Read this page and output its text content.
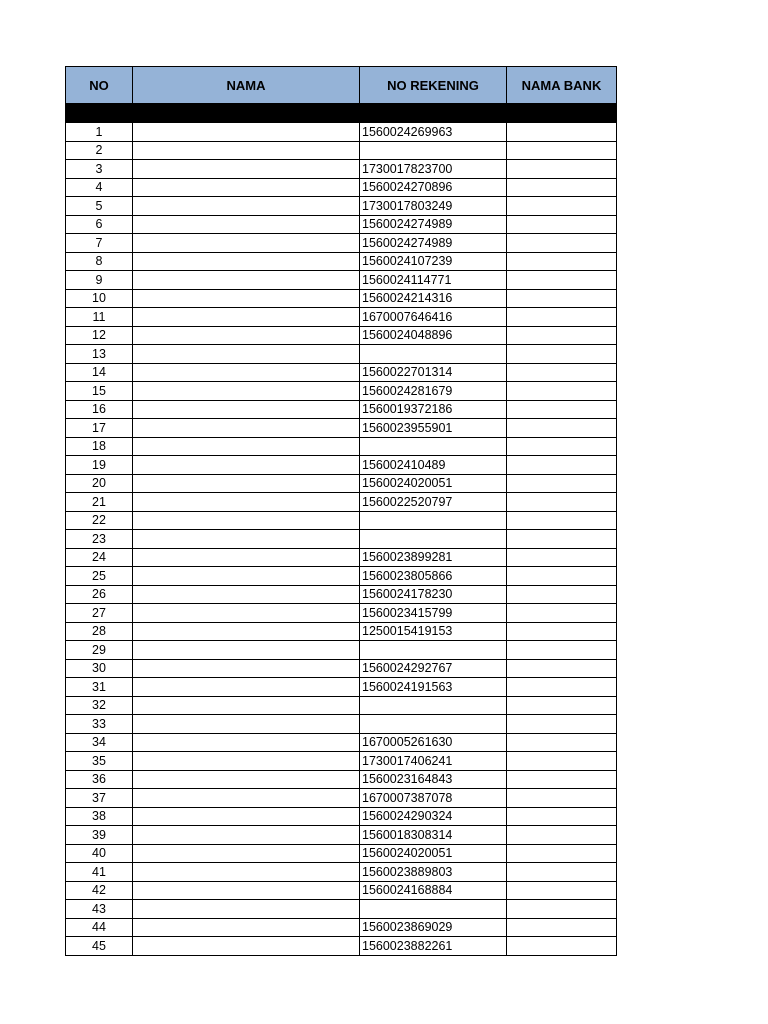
NO	NAMA	NO REKENING	NAMA BANK

1		1560024269963	
2			
3		1730017823700	
4		1560024270896	
5		1730017803249	
6		1560024274989	
7		1560024274989	
8		1560024107239	
9		1560024114771	
10		1560024214316	
11		1670007646416	
12		1560024048896	
13			
14		1560022701314	
15		1560024281679	
16		1560019372186	
17		1560023955901	
18			
19		156002410489	
20		1560024020051	
21		1560022520797	
22			
23			
24		1560023899281	
25		1560023805866	
26		1560024178230	
27		1560023415799	
28		1250015419153	
29			
30		1560024292767	
31		1560024191563	
32			
33			
34		1670005261630	
35		1730017406241	
36		1560023164843	
37		1670007387078	
38		1560024290324	
39		1560018308314	
40		1560024020051	
41		1560023889803	
42		1560024168884	
43			
44		1560023869029	
45		1560023882261	
